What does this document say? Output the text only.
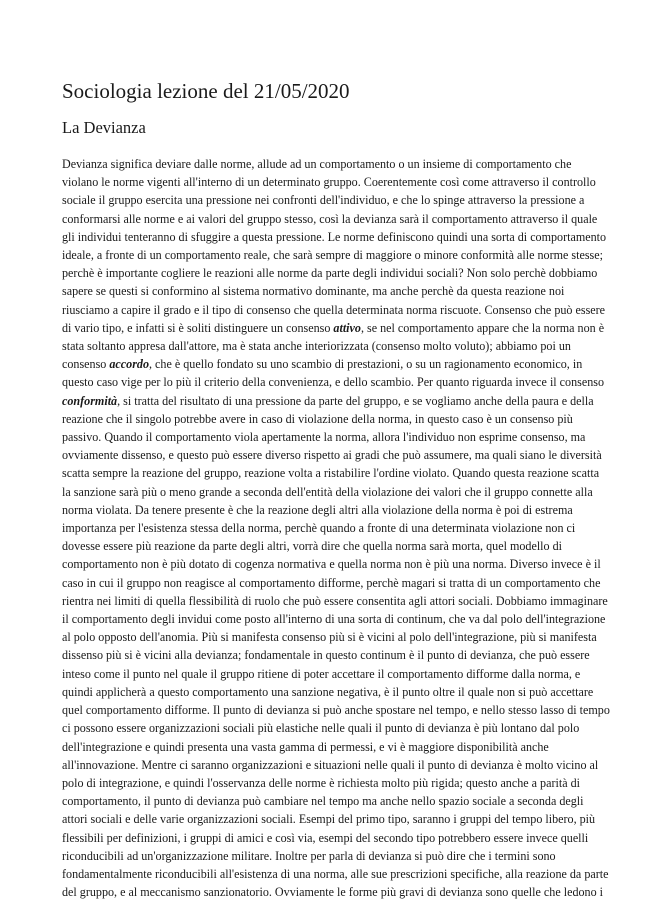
Sociologia lezione del 21/05/2020
La Devianza
Devianza significa deviare dalle norme, allude ad un comportamento o un insieme di comportamento che
violano le norme vigenti all'interno di un determinato gruppo. Coerentemente così come attraverso il controllo
sociale il gruppo esercita una pressione nei confronti dell'individuo, e che lo spinge attraverso la pressione a
conformarsi alle norme e ai valori del gruppo stesso, così la devianza sarà il comportamento attraverso il quale
gli individui tenteranno di sfuggire a questa pressione. Le norme definiscono quindi una sorta di comportamento
ideale, a fronte di un comportamento reale, che sarà sempre di maggiore o minore conformità alle norme stesse;
perchè è importante cogliere le reazioni alle norme da parte degli individui sociali? Non solo perchè dobbiamo
sapere se questi si conformino al sistema normativo dominante, ma anche perchè da questa reazione noi
riusciamo a capire il grado e il tipo di consenso che quella determinata norma riscuote. Consenso che può essere
di vario tipo, e infatti si è soliti distinguere un consenso attivo, se nel comportamento appare che la norma non è
stata soltanto appresa dall'attore, ma è stata anche interiorizzata (consenso molto voluto); abbiamo poi un
consenso accordo, che è quello fondato su uno scambio di prestazioni, o su un ragionamento economico, in
questo caso vige per lo più il criterio della convenienza, e dello scambio. Per quanto riguarda invece il consenso
conformità, si tratta del risultato di una pressione da parte del gruppo, e se vogliamo anche della paura e della
reazione che il singolo potrebbe avere in caso di violazione della norma, in questo caso è un consenso più
passivo. Quando il comportamento viola apertamente la norma, allora l'individuo non esprime consenso, ma
ovviamente dissenso, e questo può essere diverso rispetto ai gradi che può assumere, ma quali siano le diversità
scatta sempre la reazione del gruppo, reazione volta a ristabilire l'ordine violato. Quando questa reazione scatta
la sanzione sarà più o meno grande a seconda dell'entità della violazione dei valori che il gruppo connette alla
norma violata. Da tenere presente è che la reazione degli altri alla violazione della norma è poi di estrema
importanza per l'esistenza stessa della norma, perchè quando a fronte di una determinata violazione non ci
dovesse essere più reazione da parte degli altri, vorrà dire che quella norma sarà morta, quel modello di
comportamento non è più dotato di cogenza normativa e quella norma non è più una norma. Diverso invece è il
caso in cui il gruppo non reagisce al comportamento difforme, perchè magari si tratta di un comportamento che
rientra nei limiti di quella flessibilità di ruolo che può essere consentita agli attori sociali. Dobbiamo immaginare
il comportamento degli invidui come posto all'interno di una sorta di continum, che va dal polo dell'integrazione
al polo opposto dell'anomia. Più si manifesta consenso più si è vicini al polo dell'integrazione, più si manifesta
dissenso più si è vicini alla devianza; fondamentale in questo continum è il punto di devianza, che può essere
inteso come il punto nel quale il gruppo ritiene di poter accettare il comportamento difforme dalla norma, e
quindi applicherà a questo comportamento una sanzione negativa, è il punto oltre il quale non si può accettare
quel comportamento difforme. Il punto di devianza si può anche spostare nel tempo, e nello stesso lasso di tempo
ci possono essere organizzazioni sociali più elastiche nelle quali il punto di devianza è più lontano dal polo
dell'integrazione e quindi presenta una vasta gamma di permessi, e vi è maggiore disponibilità anche
all'innovazione. Mentre ci saranno organizzazioni e situazioni nelle quali il punto di devianza è molto vicino al
polo di integrazione, e quindi l'osservanza delle norme è richiesta molto più rigida; questo anche a parità di
comportamento, il punto di devianza può cambiare nel tempo ma anche nello spazio sociale a seconda degli
attori sociali e delle varie organizzazioni sociali. Esempi del primo tipo, saranno i gruppi del tempo libero, più
flessibili per definizioni, i gruppi di amici e così via, esempi del secondo tipo potrebbero essere invece quelli
riconducibili ad un'organizzazione militare. Inoltre per parla di devianza si può dire che i termini sono
fondamentalmente riconducibili all'esistenza di una norma, alle sue prescrizioni specifiche, alla reazione da parte
del gruppo, e al meccanismo sanzionatorio. Ovviamente le forme più gravi di devianza sono quelle che ledono i
